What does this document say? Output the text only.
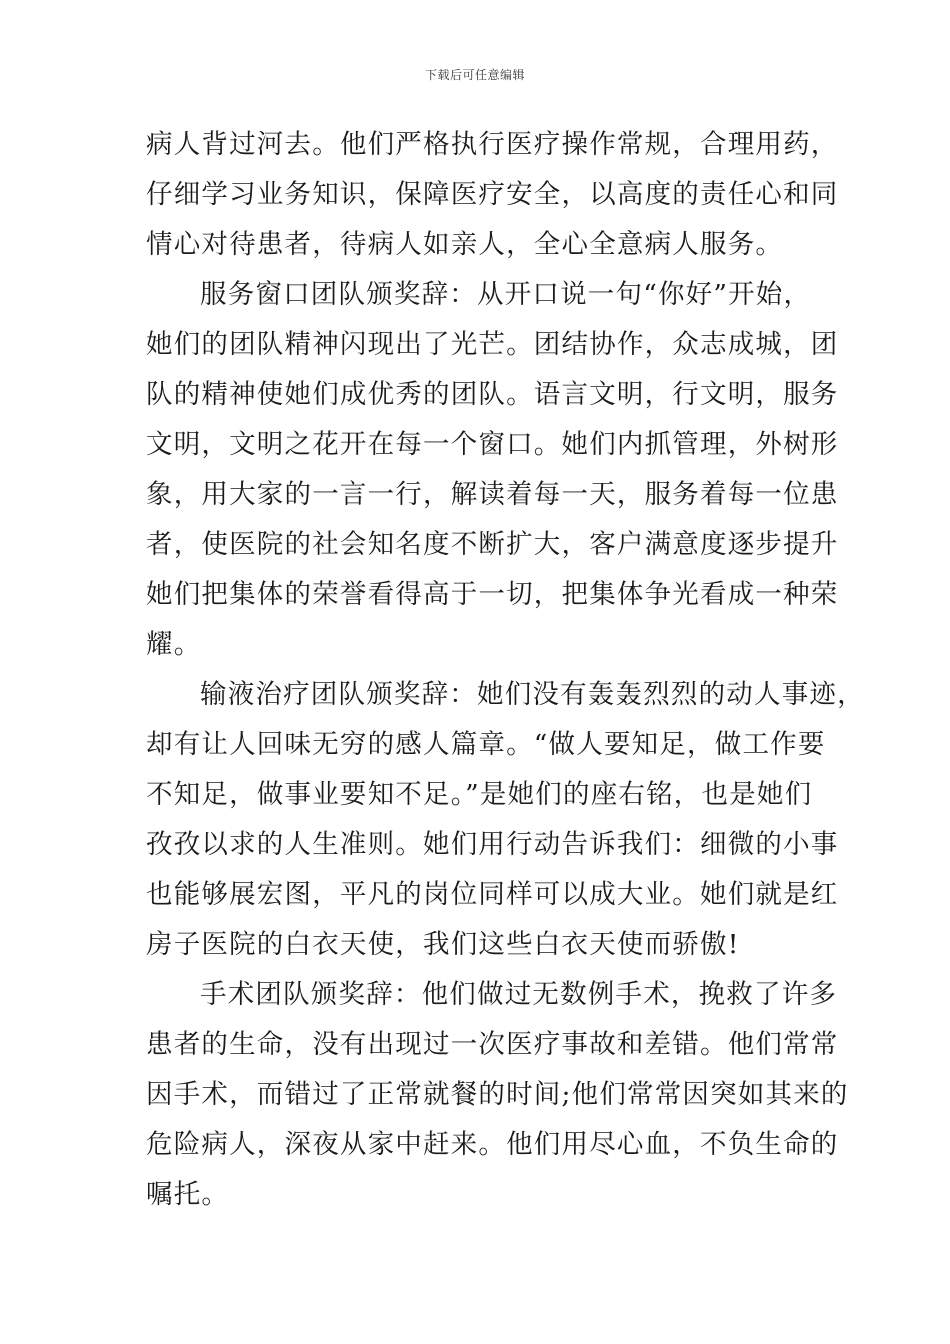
下载后可任意编辑
病人背过河去。他们严格执行医疗操作常规，合理用药，
仔细学习业务知识，保障医疗安全，以高度的责任心和同
情心对待患者，待病人如亲人，全心全意病人服务。
服务窗口团队颁奖辞：从开口说一句“你好”开始，
她们的团队精神闪现出了光芒。团结协作，众志成城，团
队的精神使她们成优秀的团队。语言文明，行文明，服务
文明，文明之花开在每一个窗口。她们内抓管理，外树形
象，用大家的一言一行，解读着每一天，服务着每一位患
者，使医院的社会知名度不断扩大，客户满意度逐步提升
她们把集体的荣誉看得高于一切，把集体争光看成一种荣
耀。
输液治疗团队颁奖辞：她们没有轰轰烈烈的动人事迹，
却有让人回味无穷的感人篇章。“做人要知足，做工作要
不知足，做事业要知不足。”是她们的座右铭，也是她们
孜孜以求的人生准则。她们用行动告诉我们：细微的小事
也能够展宏图，平凡的岗位同样可以成大业。她们就是红
房子医院的白衣天使，我们这些白衣天使而骄傲!
手术团队颁奖辞：他们做过无数例手术，挽救了许多
患者的生命，没有出现过一次医疗事故和差错。他们常常
因手术，而错过了正常就餐的时间;他们常常因突如其来的
危险病人，深夜从家中赶来。他们用尽心血，不负生命的
嘱托。
